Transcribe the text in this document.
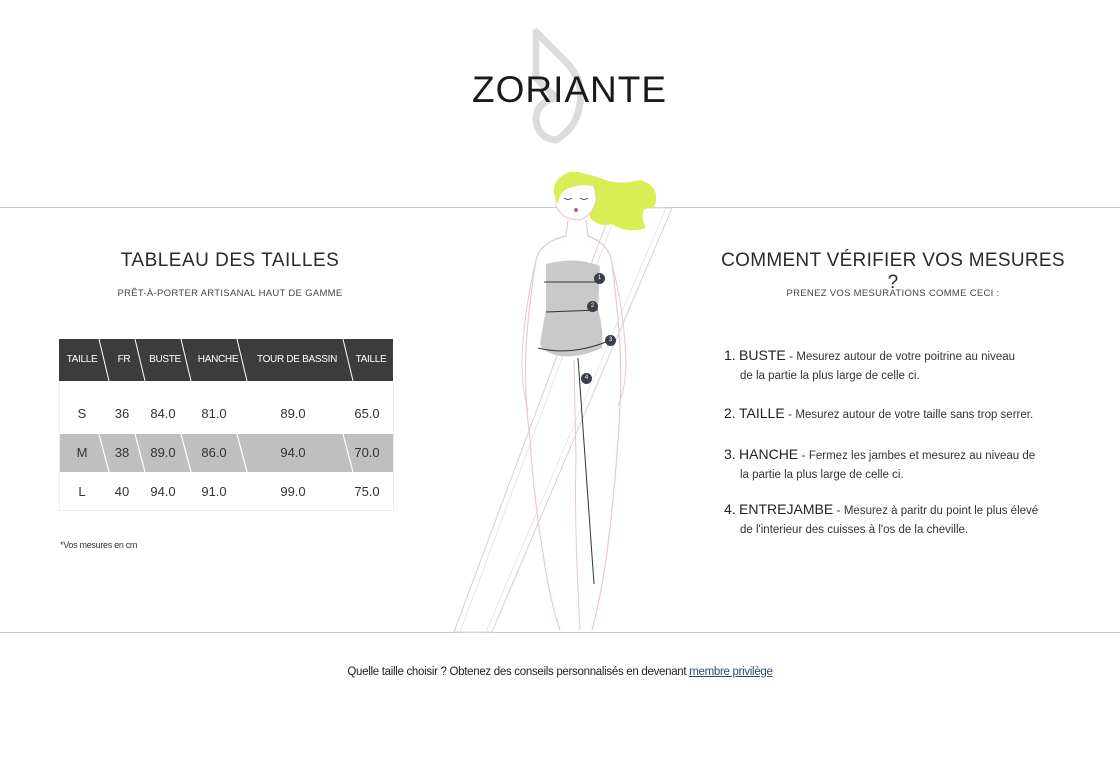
ZORIANTE
TABLEAU DES TAILLES
PRÊT-À-PORTER ARTISANAL HAUT DE GAMME
TAILLE	FR	BUSTE	HANCHE	TOUR DE BASSIN	TAILLE
S	36	84.0	81.0	89.0	65.0
M	38	89.0	86.0	94.0	70.0
L	40	94.0	91.0	99.0	75.0
*Vos mesures en cm
1
2
3
4
COMMENT VÉRIFIER VOS MESURES ?
PRENEZ VOS MESURATIONS COMME CECI :
1. BUSTE - Mesurez autour de votre poitrine au niveau
de la partie la plus large de celle ci.
2. TAILLE - Mesurez autour de votre taille sans trop serrer.
3. HANCHE - Fermez les jambes et mesurez au niveau de
la partie la plus large de celle ci.
4. ENTREJAMBE - Mesurez à paritr du point le plus élevé
de l'interieur des cuisses à l'os de la cheville.
Quelle taille choisir ? Obtenez des conseils personnalisés en devenant membre privilège
